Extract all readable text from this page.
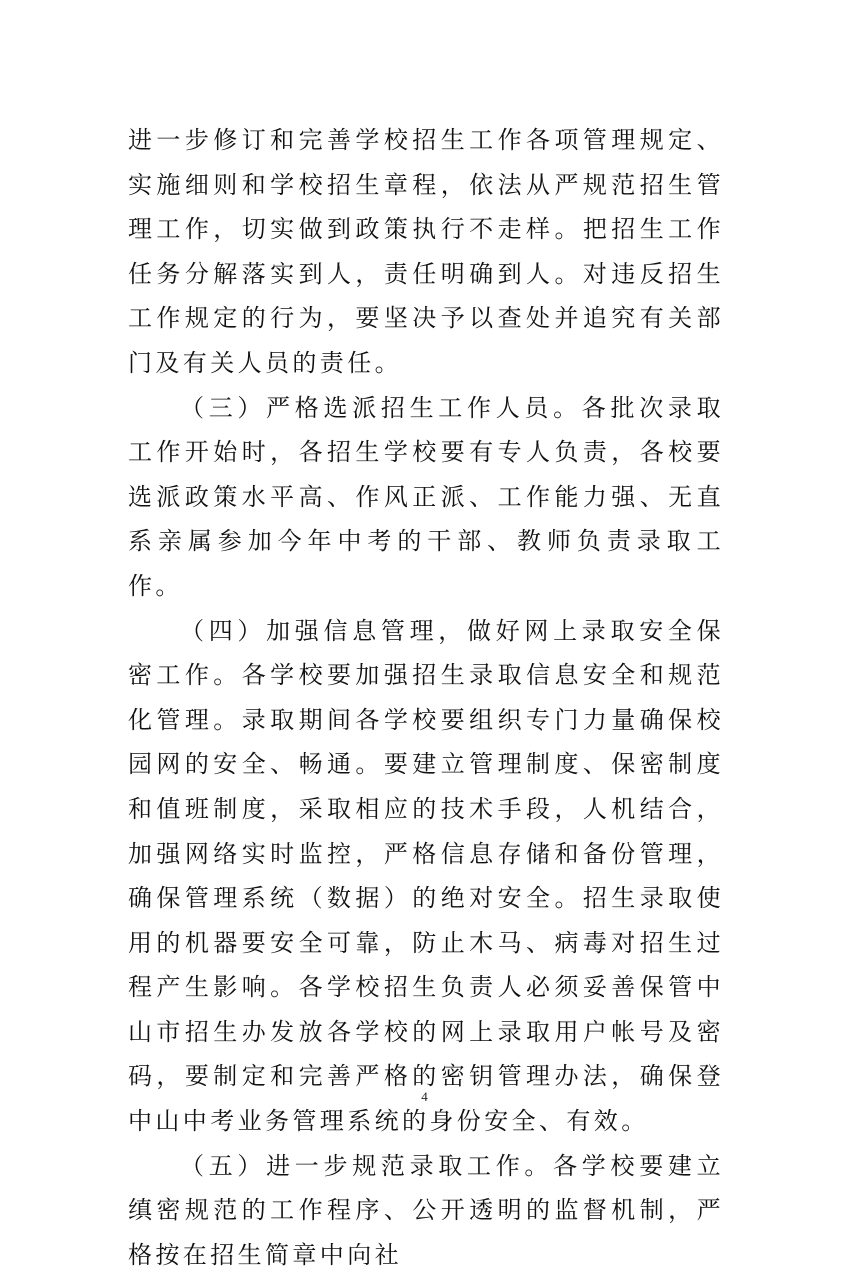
进一步修订和完善学校招生工作各项管理规定、实施细则和学校招生章程，依法从严规范招生管理工作，切实做到政策执行不走样。把招生工作任务分解落实到人，责任明确到人。对违反招生工作规定的行为，要坚决予以查处并追究有关部门及有关人员的责任。

（三）严格选派招生工作人员。各批次录取工作开始时，各招生学校要有专人负责，各校要选派政策水平高、作风正派、工作能力强、无直系亲属参加今年中考的干部、教师负责录取工作。

（四）加强信息管理，做好网上录取安全保密工作。各学校要加强招生录取信息安全和规范化管理。录取期间各学校要组织专门力量确保校园网的安全、畅通。要建立管理制度、保密制度和值班制度，采取相应的技术手段，人机结合，加强网络实时监控，严格信息存储和备份管理，确保管理系统（数据）的绝对安全。招生录取使用的机器要安全可靠，防止木马、病毒对招生过程产生影响。各学校招生负责人必须妥善保管中山市招生办发放各学校的网上录取用户帐号及密码，要制定和完善严格的密钥管理办法，确保登中山中考业务管理系统的身份安全、有效。

（五）进一步规范录取工作。各学校要建立缜密规范的工作程序、公开透明的监督机制，严格按在招生简章中向社

4
